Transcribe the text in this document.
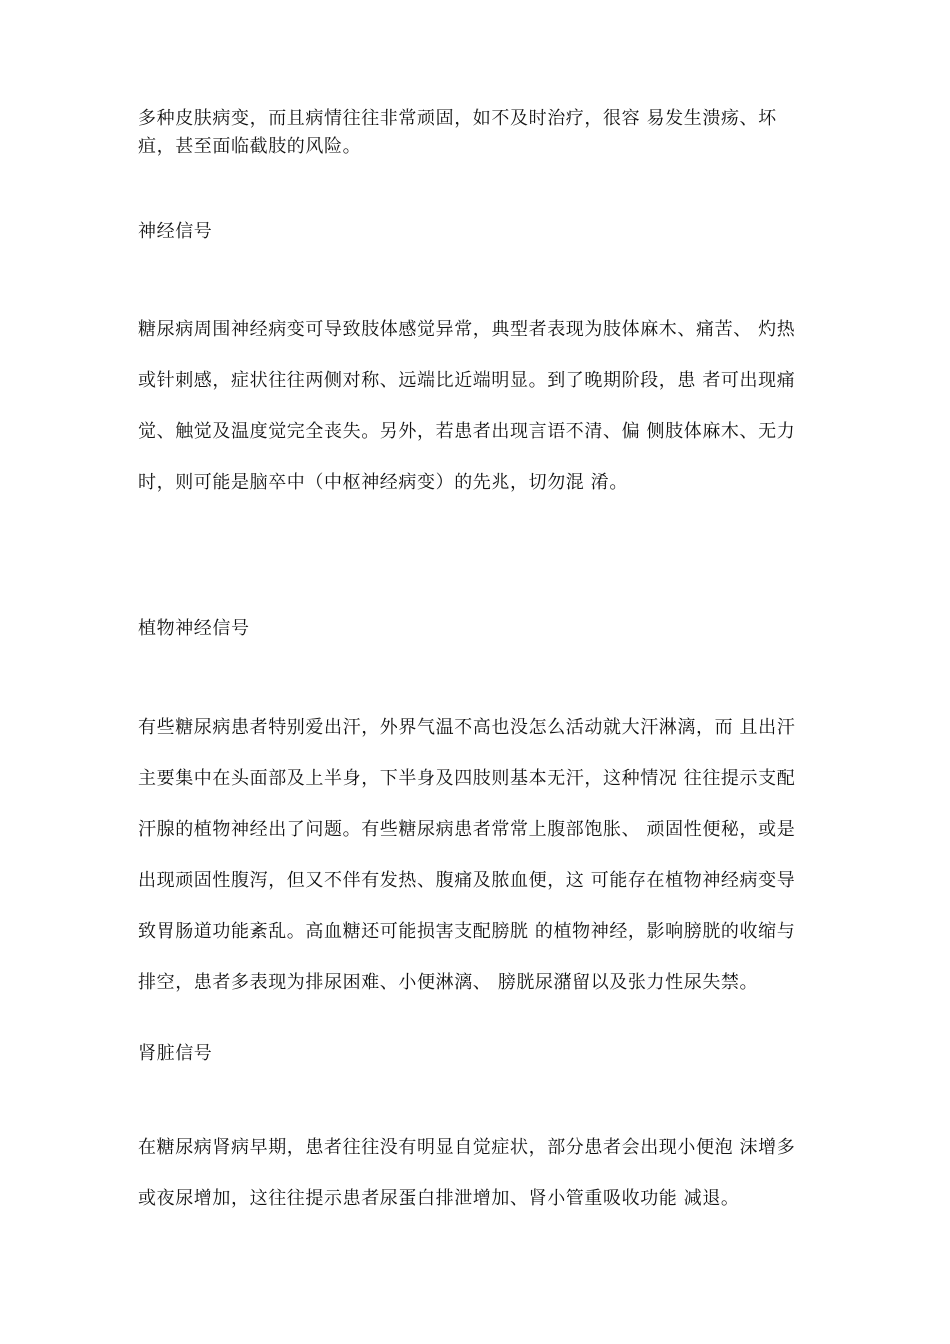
多种皮肤病变，而且病情往往非常顽固，如不及时治疗，很容 易发生溃疡、坏
疽，甚至面临截肢的风险。
神经信号
糖尿病周围神经病变可导致肢体感觉异常，典型者表现为肢体麻木、痛苦、 灼热
或针刺感，症状往往两侧对称、远端比近端明显。到了晚期阶段，患 者可出现痛
觉、触觉及温度觉完全丧失。另外，若患者出现言语不清、偏 侧肢体麻木、无力
时，则可能是脑卒中（中枢神经病变）的先兆，切勿混 淆。
植物神经信号
有些糖尿病患者特别爱出汗，外界气温不高也没怎么活动就大汗淋漓，而 且出汗
主要集中在头面部及上半身，下半身及四肢则基本无汗，这种情况 往往提示支配
汗腺的植物神经出了问题。有些糖尿病患者常常上腹部饱胀、 顽固性便秘，或是
出现顽固性腹泻，但又不伴有发热、腹痛及脓血便，这 可能存在植物神经病变导
致胃肠道功能紊乱。高血糖还可能损害支配膀胱 的植物神经，影响膀胱的收缩与
排空，患者多表现为排尿困难、小便淋漓、 膀胱尿潴留以及张力性尿失禁。
肾脏信号
在糖尿病肾病早期，患者往往没有明显自觉症状，部分患者会出现小便泡 沫增多
或夜尿增加，这往往提示患者尿蛋白排泄增加、肾小管重吸收功能 减退。
